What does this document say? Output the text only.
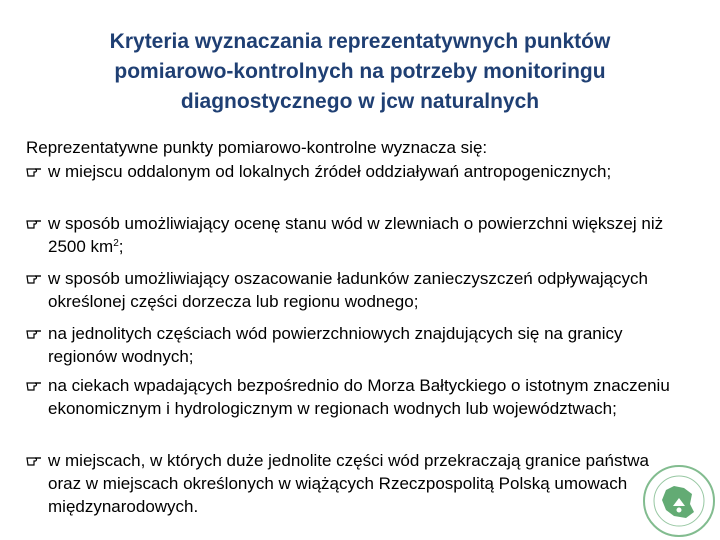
Kryteria wyznaczania reprezentatywnych punktów
pomiarowo-kontrolnych na potrzeby monitoringu
diagnostycznego w jcw naturalnych

Reprezentatywne punkty pomiarowo-kontrolne wyznacza się:

w miejscu oddalonym od lokalnych źródeł oddziaływań antropogenicznych;
w sposób umożliwiający ocenę stanu wód w zlewniach o powierzchni większej niż 2500 $km^2$;
w sposób umożliwiający oszacowanie ładunków zanieczyszczeń odpływających określonej części dorzecza lub regionu wodnego;
na jednolitych częściach wód powierzchniowych znajdujących się na granicy regionów wodnych;
na ciekach wpadających bezpośrednio do Morza Bałtyckiego o istotnym znaczeniu ekonomicznym i hydrologicznym w regionach wodnych lub województwach;
w miejscach, w których duże jednolite części wód przekraczają granice państwa oraz w miejscach określonych w wiążących Rzeczpospolitą Polską umowach międzynarodowych.
